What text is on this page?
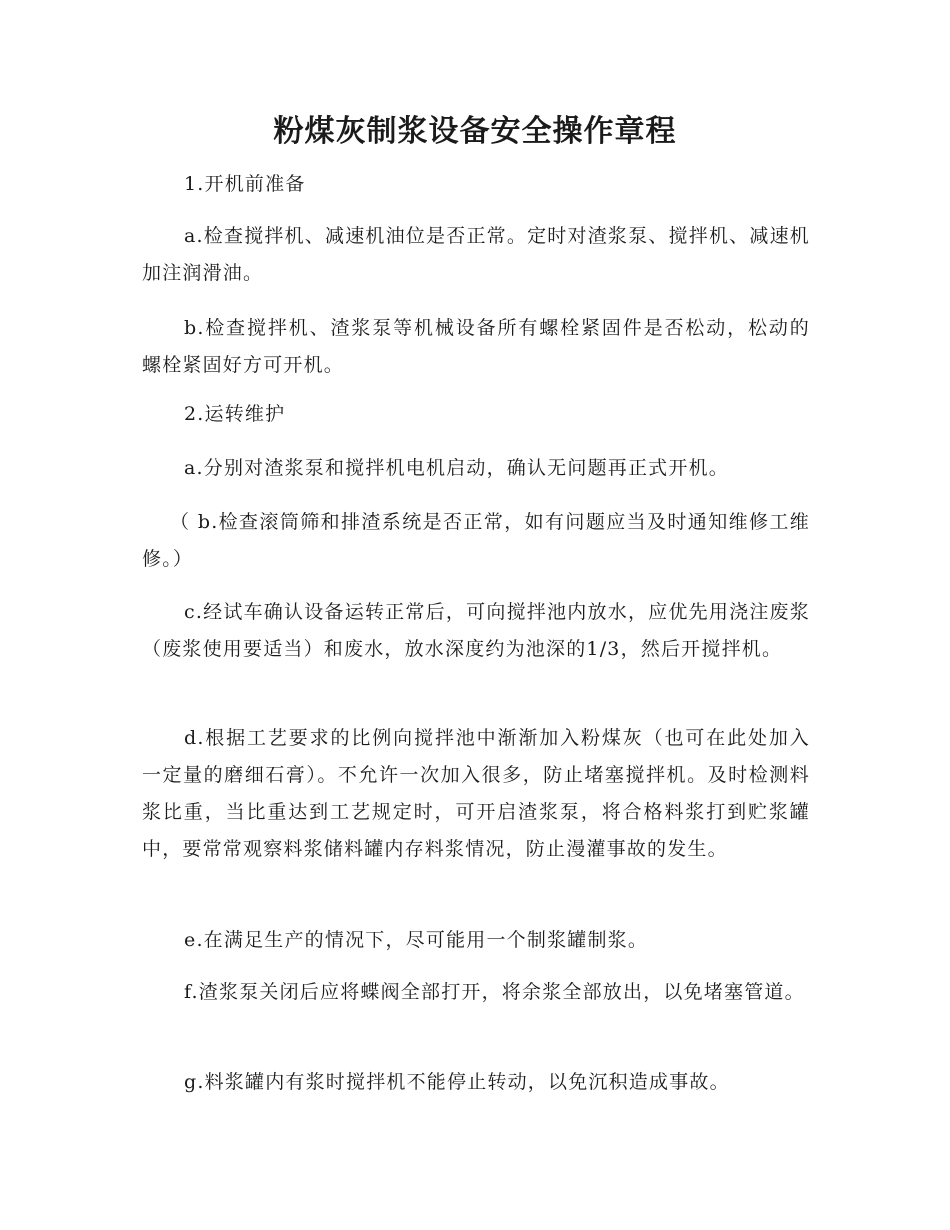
粉煤灰制浆设备安全操作章程

1.开机前准备

a.检查搅拌机、减速机油位是否正常。定时对渣浆泵、搅拌机、减速机加注润滑油。

b.检查搅拌机、渣浆泵等机械设备所有螺栓紧固件是否松动，松动的螺栓紧固好方可开机。

2.运转维护

a.分别对渣浆泵和搅拌机电机启动，确认无问题再正式开机。

（ b.检查滚筒筛和排渣系统是否正常，如有问题应当及时通知维修工维修。）

c.经试车确认设备运转正常后，可向搅拌池内放水，应优先用浇注废浆（废浆使用要适当）和废水，放水深度约为池深的1/3，然后开搅拌机。

d.根据工艺要求的比例向搅拌池中渐渐加入粉煤灰（也可在此处加入一定量的磨细石膏）。不允许一次加入很多，防止堵塞搅拌机。及时检测料浆比重，当比重达到工艺规定时，可开启渣浆泵，将合格料浆打到贮浆罐中，要常常观察料浆储料罐内存料浆情况，防止漫灌事故的发生。

e.在满足生产的情况下，尽可能用一个制浆罐制浆。

f.渣浆泵关闭后应将蝶阀全部打开，将余浆全部放出，以免堵塞管道。

g.料浆罐内有浆时搅拌机不能停止转动，以免沉积造成事故。
